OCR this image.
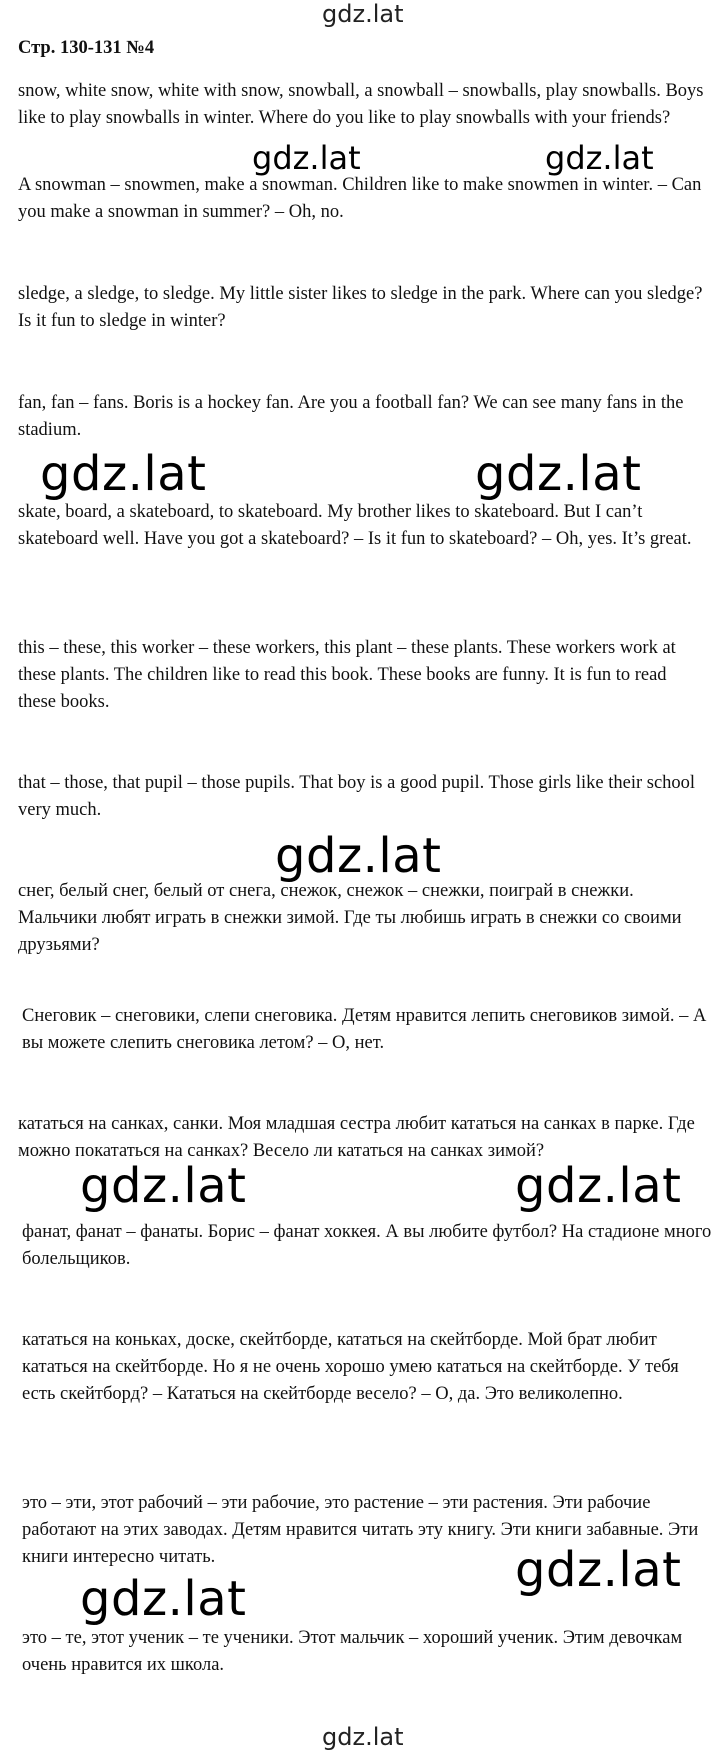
gdz.lat

Стр. 130-131 №4

snow, white snow, white with snow, snowball, a snowball – snowballs, play snowballs. Boys like to play snowballs in winter. Where do you like to play snowballs with your friends?

A snowman – snowmen, make a snowman. Children like to make snowmen in winter. – Can you make a snowman in summer? – Oh, no.

sledge, a sledge, to sledge. My little sister likes to sledge in the park. Where can you sledge? Is it fun to sledge in winter?

fan, fan – fans. Boris is a hockey fan. Are you a football fan? We can see many fans in the stadium.

skate, board, a skateboard, to skateboard. My brother likes to skateboard. But I can’t skateboard well. Have you got a skateboard? – Is it fun to skateboard? – Oh, yes. It’s great.

this – these, this worker – these workers, this plant – these plants. These workers work at these plants. The children like to read this book. These books are funny. It is fun to read these books.

that – those, that pupil – those pupils. That boy is a good pupil. Those girls like their school very much.

снег, белый снег, белый от снега, снежок, снежок – снежки, поиграй в снежки. Мальчики любят играть в снежки зимой. Где ты любишь играть в снежки со своими друзьями?

Снеговик – снеговики, слепи снеговика. Детям нравится лепить снеговиков зимой. – А вы можете слепить снеговика летом? – О, нет.

кататься на санках, санки. Моя младшая сестра любит кататься на санках в парке. Где можно покататься на санках? Весело ли кататься на санках зимой?

фанат, фанат – фанаты. Борис – фанат хоккея. А вы любите футбол? На стадионе много болельщиков.

кататься на коньках, доске, скейтборде, кататься на скейтборде. Мой брат любит кататься на скейтборде. Но я не очень хорошо умею кататься на скейтборде. У тебя есть скейтборд? – Кататься на скейтборде весело? – О, да. Это великолепно.

это – эти, этот рабочий – эти рабочие, это растение – эти растения. Эти рабочие работают на этих заводах. Детям нравится читать эту книгу. Эти книги забавные. Эти книги интересно читать.

это – те, этот ученик – те ученики. Этот мальчик – хороший ученик. Этим девочкам очень нравится их школа.

gdz.lat	gdz.lat
gdz.lat	gdz.lat
gdz.lat
gdz.lat	gdz.lat
gdz.lat
gdz.lat
gdz.lat
